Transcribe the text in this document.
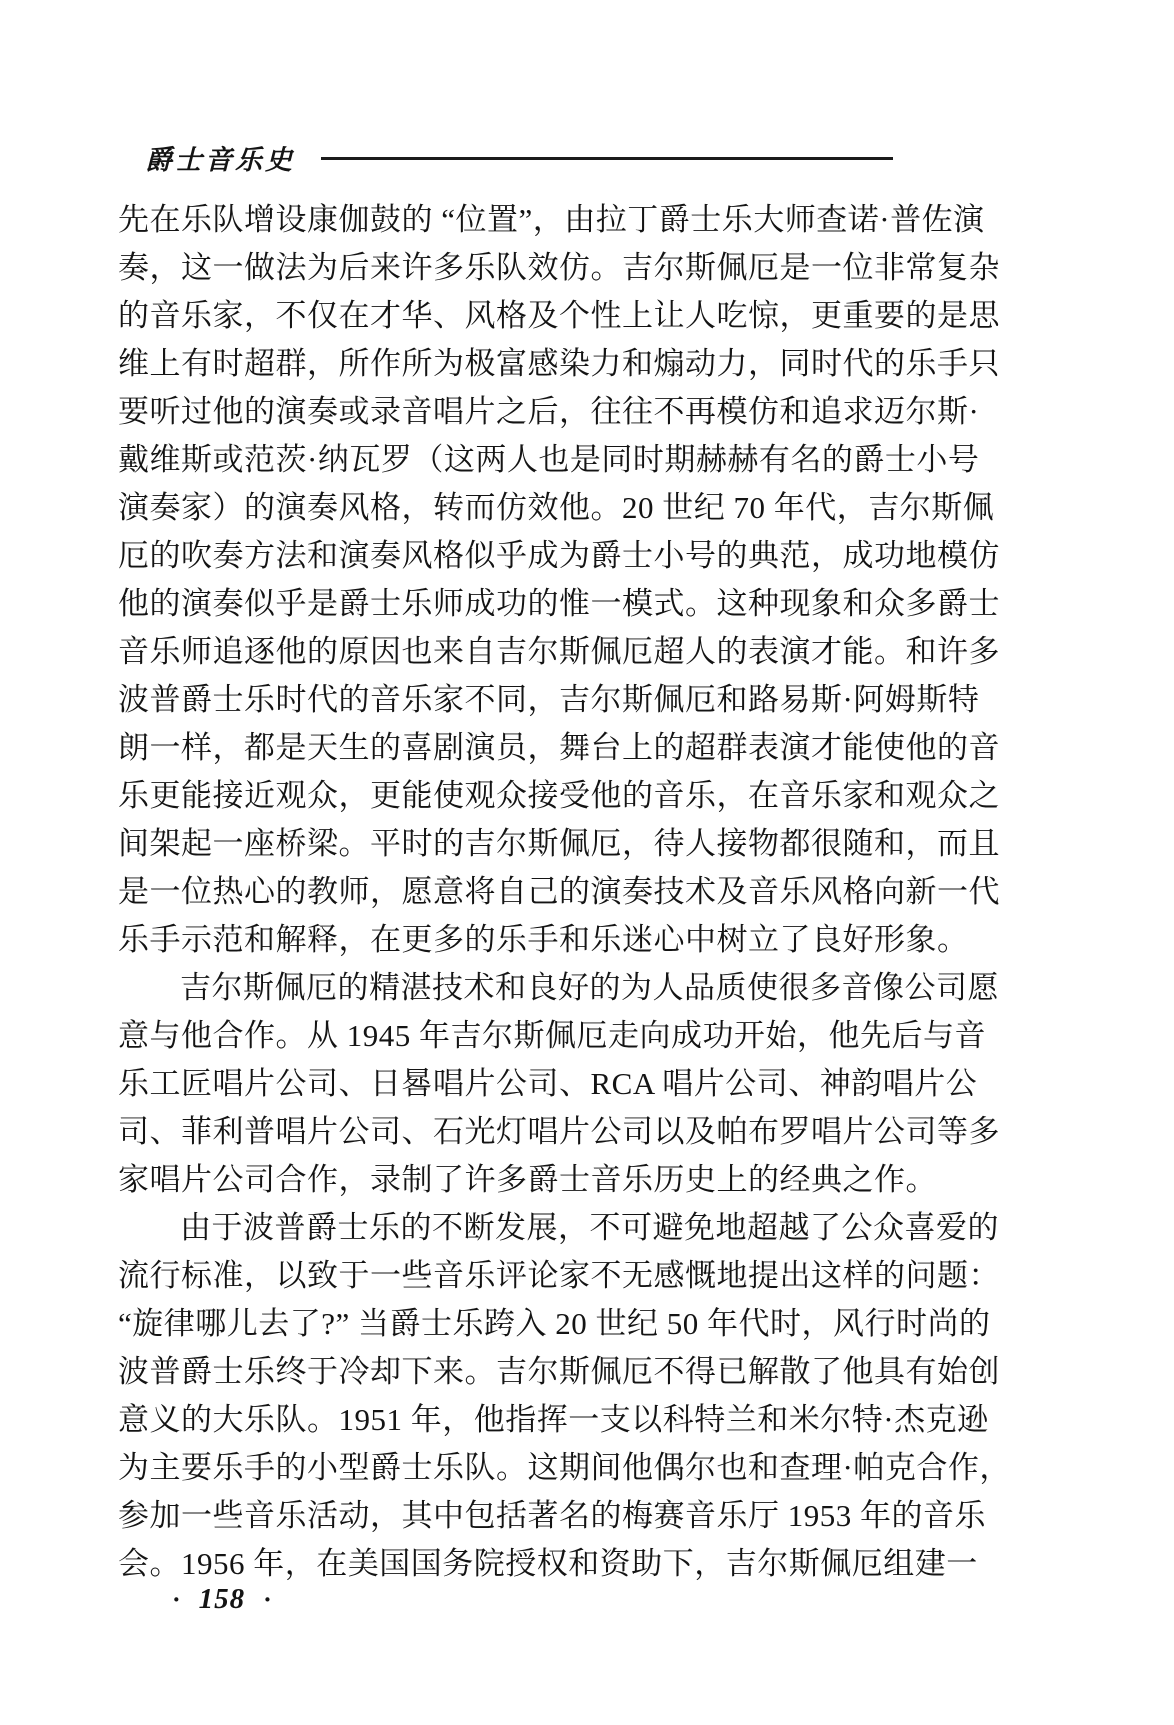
爵士音乐史
先在乐队增设康伽鼓的 “位置”，由拉丁爵士乐大师查诺·普佐演
奏，这一做法为后来许多乐队效仿。吉尔斯佩厄是一位非常复杂
的音乐家，不仅在才华、风格及个性上让人吃惊，更重要的是思
维上有时超群，所作所为极富感染力和煽动力，同时代的乐手只
要听过他的演奏或录音唱片之后，往往不再模仿和追求迈尔斯·
戴维斯或范茨·纳瓦罗（这两人也是同时期赫赫有名的爵士小号
演奏家）的演奏风格，转而仿效他。20 世纪 70 年代，吉尔斯佩
厄的吹奏方法和演奏风格似乎成为爵士小号的典范，成功地模仿
他的演奏似乎是爵士乐师成功的惟一模式。这种现象和众多爵士
音乐师追逐他的原因也来自吉尔斯佩厄超人的表演才能。和许多
波普爵士乐时代的音乐家不同，吉尔斯佩厄和路易斯·阿姆斯特
朗一样，都是天生的喜剧演员，舞台上的超群表演才能使他的音
乐更能接近观众，更能使观众接受他的音乐，在音乐家和观众之
间架起一座桥梁。平时的吉尔斯佩厄，待人接物都很随和，而且
是一位热心的教师，愿意将自己的演奏技术及音乐风格向新一代
乐手示范和解释，在更多的乐手和乐迷心中树立了良好形象。
吉尔斯佩厄的精湛技术和良好的为人品质使很多音像公司愿
意与他合作。从 1945 年吉尔斯佩厄走向成功开始，他先后与音
乐工匠唱片公司、日晷唱片公司、RCA 唱片公司、神韵唱片公
司、菲利普唱片公司、石光灯唱片公司以及帕布罗唱片公司等多
家唱片公司合作，录制了许多爵士音乐历史上的经典之作。
由于波普爵士乐的不断发展，不可避免地超越了公众喜爱的
流行标准，以致于一些音乐评论家不无感慨地提出这样的问题：
“旋律哪儿去了?” 当爵士乐跨入 20 世纪 50 年代时，风行时尚的
波普爵士乐终于冷却下来。吉尔斯佩厄不得已解散了他具有始创
意义的大乐队。1951 年，他指挥一支以科特兰和米尔特·杰克逊
为主要乐手的小型爵士乐队。这期间他偶尔也和查理·帕克合作，
参加一些音乐活动，其中包括著名的梅赛音乐厅 1953 年的音乐
会。1956 年，在美国国务院授权和资助下，吉尔斯佩厄组建一
· 158 ·
